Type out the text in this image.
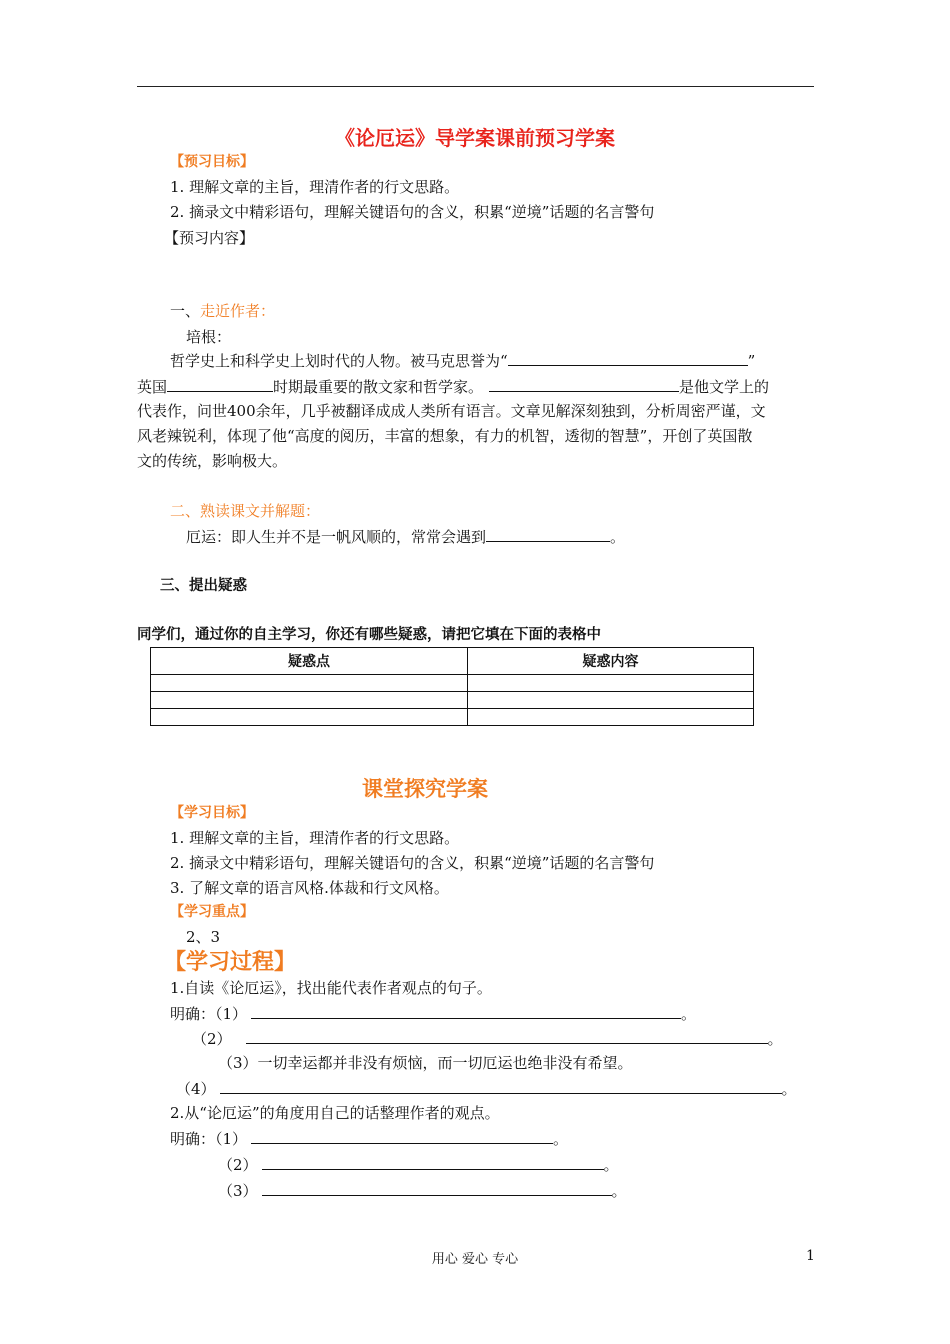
《论厄运》导学案课前预习学案
【预习目标】
1. 理解文章的主旨，理清作者的行文思路。
2. 摘录文中精彩语句，理解关键语句的含义，积累“逆境”话题的名言警句
【预习内容】
一、走近作者：
培根：
哲学史上和科学史上划时代的人物。被马克思誉为“	”
英国	时期最重要的散文家和哲学家。	是他文学上的
代表作，问世400余年，几乎被翻译成成人类所有语言。文章见解深刻独到，分析周密严谨，文
风老辣锐利，体现了他“高度的阅历，丰富的想象，有力的机智，透彻的智慧”，开创了英国散
文的传统，影响极大。
二、熟读课文并解题：
厄运：即人生并不是一帆风顺的，常常会遇到	。
三、提出疑惑
同学们，通过你的自主学习，你还有哪些疑惑，请把它填在下面的表格中
疑惑点	疑惑内容

课堂探究学案
【学习目标】
1. 理解文章的主旨，理清作者的行文思路。
2. 摘录文中精彩语句，理解关键语句的含义，积累“逆境”话题的名言警句
3. 了解文章的语言风格.体裁和行文风格。
【学习重点】
2、3
【学习过程】
1.自读《论厄运》，找出能代表作者观点的句子。
明确：（1）	。
（2）	。
（3）一切幸运都并非没有烦恼，而一切厄运也绝非没有希望。
（4）	。
2.从“论厄运”的角度用自己的话整理作者的观点。
明确：（1）	。
（2）	。
（3）	。
用心 爱心 专心	1
